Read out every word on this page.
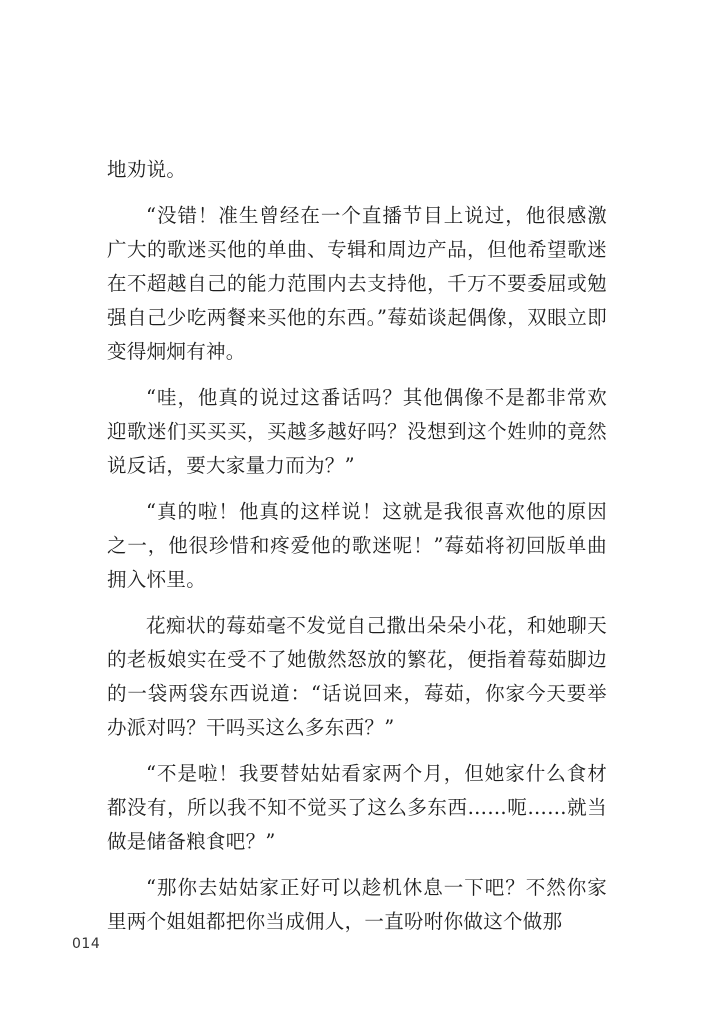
地劝说。

“没错！准生曾经在一个直播节目上说过，他很感激广大的歌迷买他的单曲、专辑和周边产品，但他希望歌迷在不超越自己的能力范围内去支持他，千万不要委屈或勉强自己少吃两餐来买他的东西。”莓茹谈起偶像，双眼立即变得炯炯有神。

“哇，他真的说过这番话吗？其他偶像不是都非常欢迎歌迷们买买买，买越多越好吗？没想到这个姓帅的竟然说反话，要大家量力而为？”

“真的啦！他真的这样说！这就是我很喜欢他的原因之一，他很珍惜和疼爱他的歌迷呢！”莓茹将初回版单曲拥入怀里。

花痴状的莓茹毫不发觉自己撒出朵朵小花，和她聊天的老板娘实在受不了她傲然怒放的繁花，便指着莓茹脚边的一袋两袋东西说道：“话说回来，莓茹，你家今天要举办派对吗？干吗买这么多东西？”

“不是啦！我要替姑姑看家两个月，但她家什么食材都没有，所以我不知不觉买了这么多东西……呃……就当做是储备粮食吧？”

“那你去姑姑家正好可以趁机休息一下吧？不然你家里两个姐姐都把你当成佣人，一直吩咐你做这个做那

014
